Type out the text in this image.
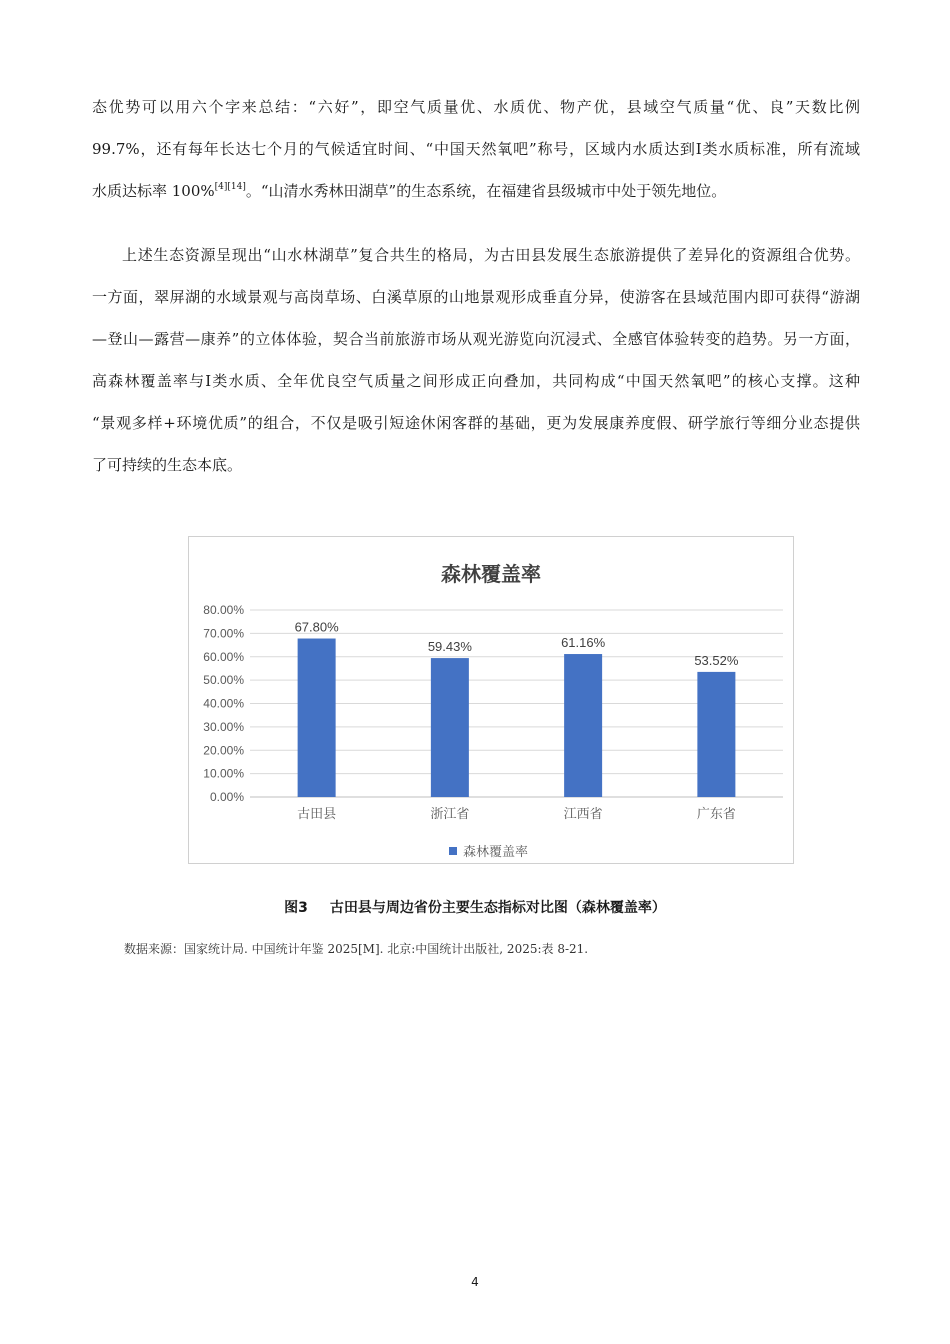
态优势可以用六个字来总结：“六好”，即空气质量优、水质优、物产优，县域空气质量“优、良”天数比例
99.7%，还有每年长达七个月的气候适宜时间、“中国天然氧吧”称号，区域内水质达到Ⅰ类水质标准，所有流域
水质达标率 100%[4][14]。“山清水秀林田湖草”的生态系统，在福建省县级城市中处于领先地位。
上述生态资源呈现出“山水林湖草”复合共生的格局，为古田县发展生态旅游提供了差异化的资源组合优势。
一方面，翠屏湖的水域景观与高岗草场、白溪草原的山地景观形成垂直分异，使游客在县域范围内即可获得“游湖
—登山—露营—康养”的立体体验，契合当前旅游市场从观光游览向沉浸式、全感官体验转变的趋势。另一方面，
高森林覆盖率与Ⅰ类水质、全年优良空气质量之间形成正向叠加，共同构成“中国天然氧吧”的核心支撑。这种
“景观多样+环境优质”的组合，不仅是吸引短途休闲客群的基础，更为发展康养度假、研学旅行等细分业态提供
了可持续的生态本底。
森林覆盖率
0.00%
10.00%
20.00%
30.00%
40.00%
50.00%
60.00%
70.00%
80.00%
67.80%
59.43%	61.16%
53.52%
古田县	浙江省	江西省	广东省
森林覆盖率
图3 古田县与周边省份主要生态指标对比图（森林覆盖率）
数据来源：国家统计局. 中国统计年鉴 2025[M]. 北京:中国统计出版社, 2025:表 8-21.
4
